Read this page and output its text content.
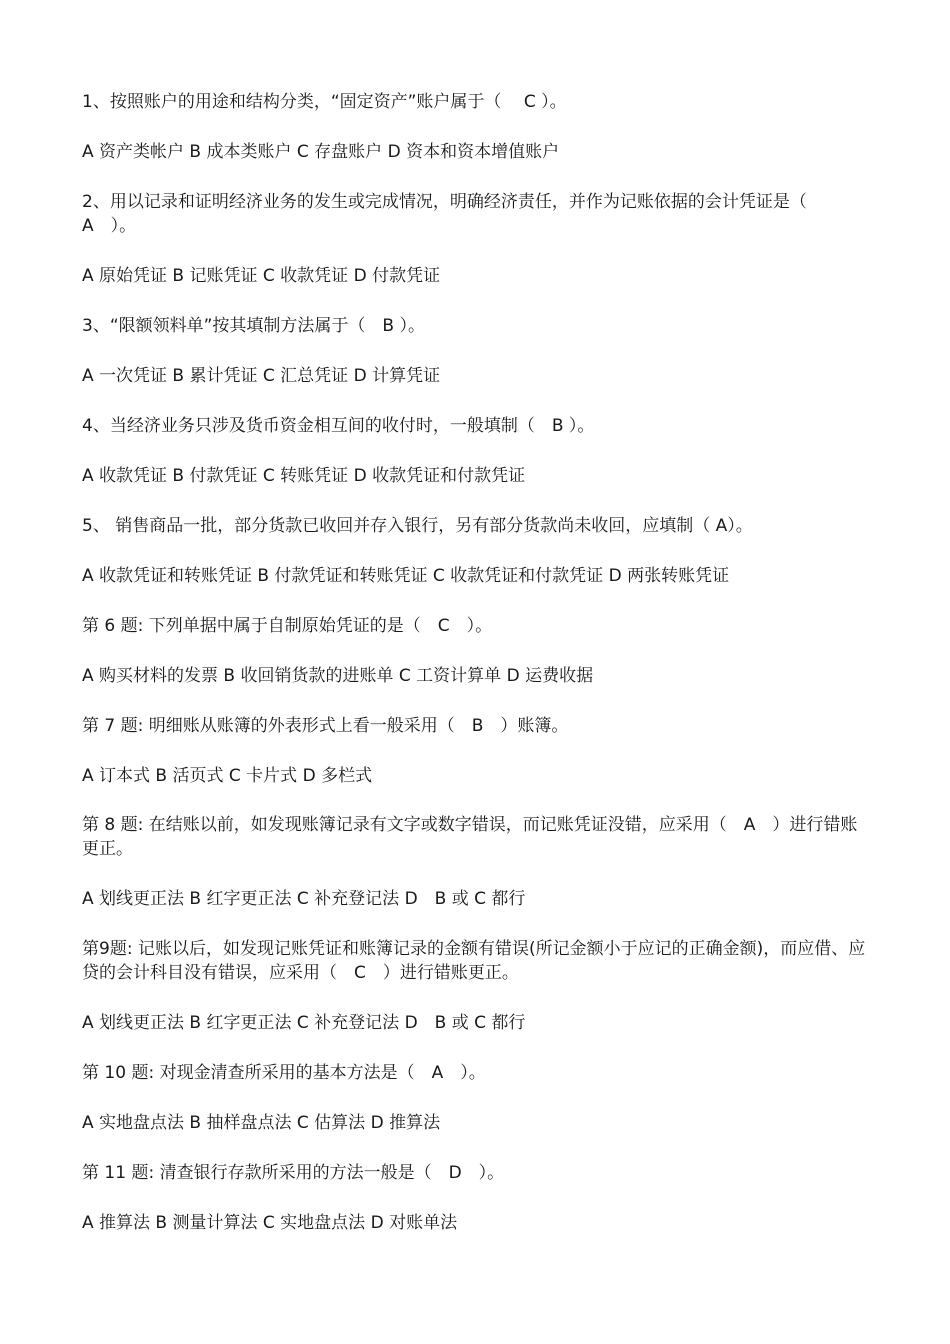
1、按照账户的用途和结构分类，“固定资产”账户属于（　 C ）。
A 资产类帐户 B 成本类账户 C 存盘账户 D 资本和资本增值账户
2、用以记录和证明经济业务的发生或完成情况，明确经济责任，并作为记账依据的会计凭证是（　A　）。
A 原始凭证 B 记账凭证 C 收款凭证 D 付款凭证
3、“限额领料单”按其填制方法属于（　B ）。
A 一次凭证 B 累计凭证 C 汇总凭证 D 计算凭证
4、当经济业务只涉及货币资金相互间的收付时，一般填制（　B ）。
A 收款凭证 B 付款凭证 C 转账凭证 D 收款凭证和付款凭证
5、 销售商品一批，部分货款已收回并存入银行，另有部分货款尚未收回，应填制（ A）。
A 收款凭证和转账凭证 B 付款凭证和转账凭证 C 收款凭证和付款凭证 D 两张转账凭证
第 6 题: 下列单据中属于自制原始凭证的是（　C　）。
A 购买材料的发票 B 收回销货款的进账单 C 工资计算单 D 运费收据
第 7 题: 明细账从账簿的外表形式上看一般采用（　B　）账簿。
A 订本式 B 活页式 C 卡片式 D 多栏式
第 8 题: 在结账以前，如发现账簿记录有文字或数字错误，而记账凭证没错，应采用（　A　）进行错账更正。
A 划线更正法 B 红字更正法 C 补充登记法 D　B 或 C 都行
第9题: 记账以后，如发现记账凭证和账簿记录的金额有错误(所记金额小于应记的正确金额)，而应借、应贷的会计科目没有错误，应采用（　C　）进行错账更正。
A 划线更正法 B 红字更正法 C 补充登记法 D　B 或 C 都行
第 10 题: 对现金清查所采用的基本方法是（　A　）。
A 实地盘点法 B 抽样盘点法 C 估算法 D 推算法
第 11 题: 清查银行存款所采用的方法一般是（　D　）。
A 推算法 B 测量计算法 C 实地盘点法 D 对账单法
